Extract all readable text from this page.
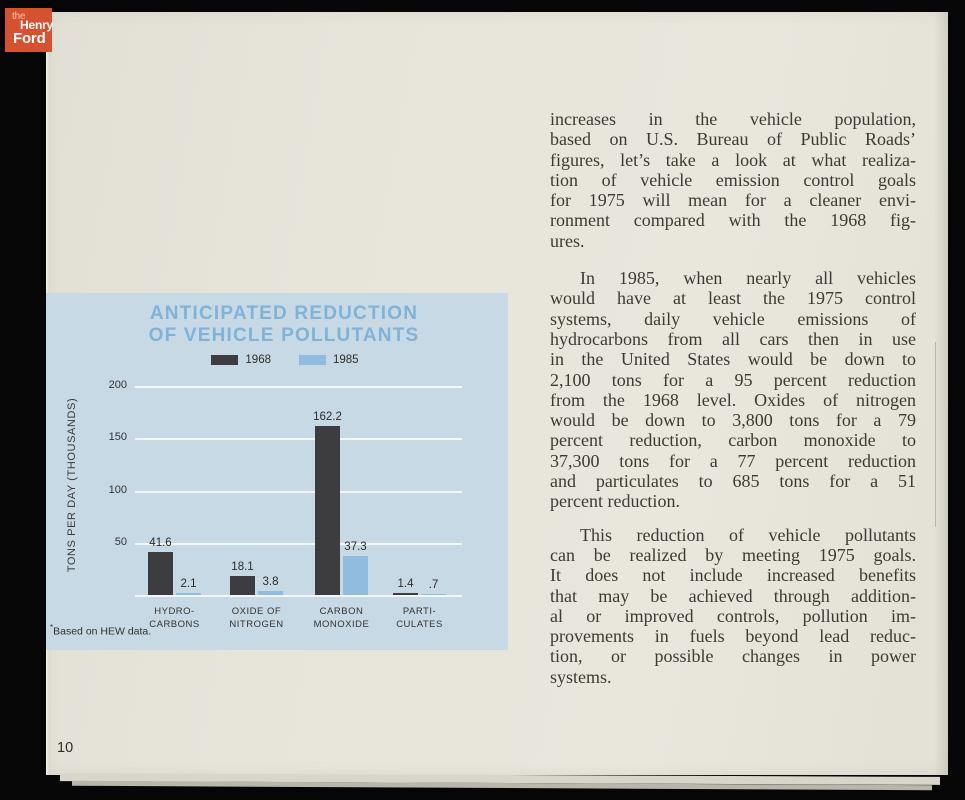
ANTICIPATED REDUCTION
OF VEHICLE POLLUTANTS
1968	1985
TONS PER DAY (THOUSANDS)	50
100
150
200
41.6
2.1
HYDRO-
CARBONS
18.1
3.8
OXIDE OF
NITROGEN
162.2
37.3
CARBON
MONOXIDE
1.4	.7
PARTI-
CULATES
*Based on HEW data.
increases in the vehicle population,
based on U.S. Bureau of Public Roads’
figures, let’s take a look at what realiza-
tion of vehicle emission control goals
for 1975 will mean for a cleaner envi-
ronment compared with the 1968 fig-
ures.
In 1985, when nearly all vehicles
would have at least the 1975 control
systems, daily vehicle emissions of
hydrocarbons from all cars then in use
in the United States would be down to
2,100 tons for a 95 percent reduction
from the 1968 level. Oxides of nitrogen
would be down to 3,800 tons for a 79
percent reduction, carbon monoxide to
37,300 tons for a 77 percent reduction
and particulates to 685 tons for a 51
percent reduction.
This reduction of vehicle pollutants
can be realized by meeting 1975 goals.
It does not include increased benefits
that may be achieved through addition-
al or improved controls, pollution im-
provements in fuels beyond lead reduc-
tion, or possible changes in power
systems.
10
the
Henry
Ford
